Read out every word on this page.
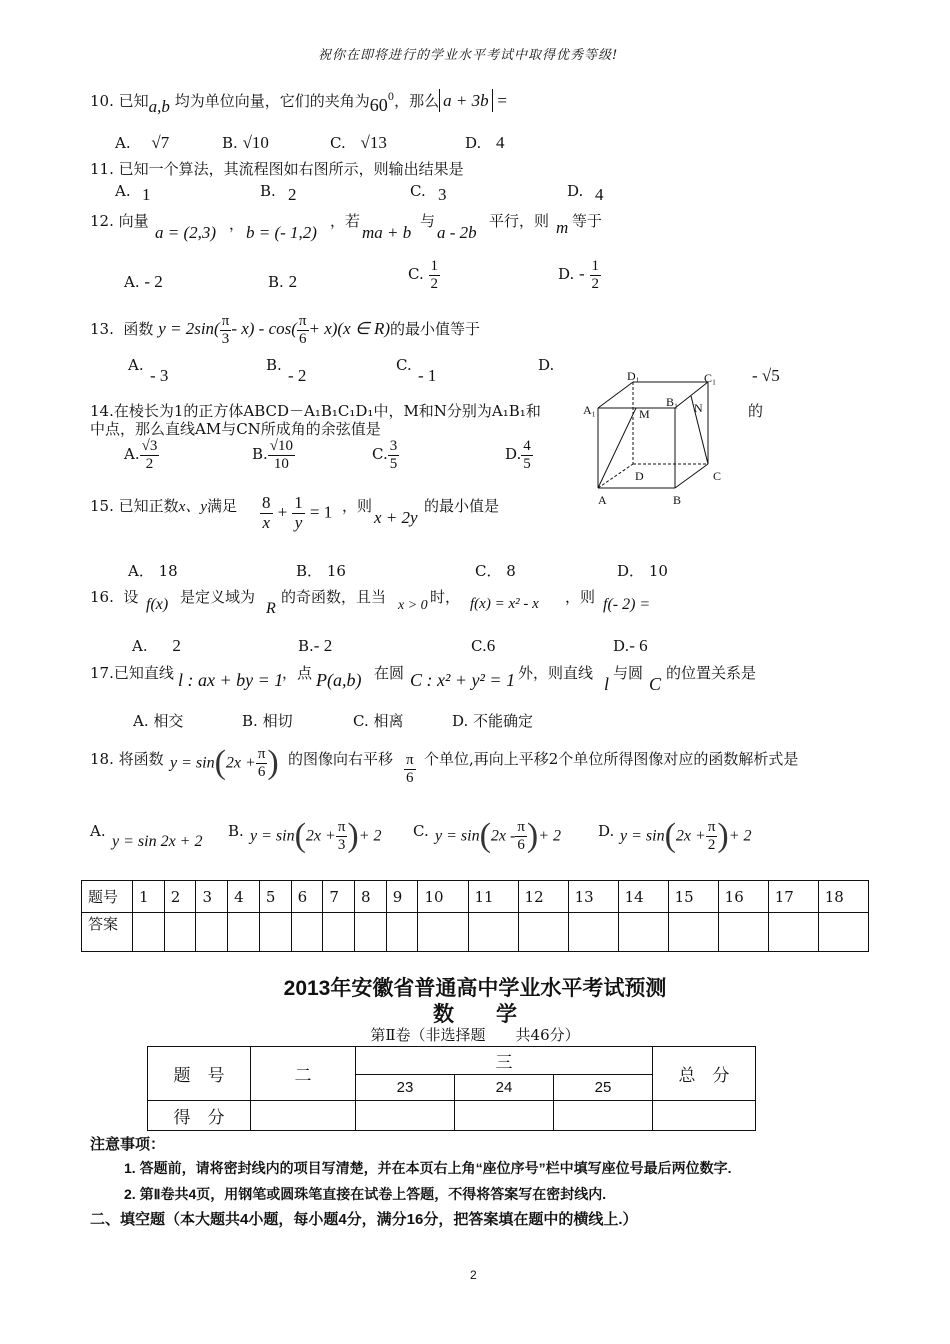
祝你在即将进行的学业水平考试中取得优秀等级!
10. 已知a,b 均为单位向量，它们的夹角为$60^0$，那么 a + 3b =
A. √7	B. √10	C. √13	D. 4
11. 已知一个算法，其流程图如右图所示，则输出结果是
A. 1	B. 2	C. 3	D. 4
12. 向量
a = (2,3) ， b = (- 1,2)
，若
ma + b
与
a - 2b
平行，则 m 等于
A. - 2	B. 2	C. $\frac{1}{2}$	D. - $\frac{1}{2}$
13. 函数 $y = 2\sin( \frac{\pi}{3} - x) - \cos( \frac{\pi}{6} + x)(x$ ∈ R)的最小值等于
A.
- 3
B.
- 2
C.
- 1
D.
- √5
14.在棱长为1的正方体ABCD－A₁B₁C₁D₁中，M和N分别为A₁B₁和	的
中点，那么直线AM与CN所成角的余弦值是
A. $\frac{√3}{2}$	B. $\frac{√10}{10}$	C. $\frac{3}{5}$	D. $\frac{4}{5}$
D₁	C₁
A₁
B₁
M	N
D	C
A	B
15. 已知正数x、y满足 $\frac{8}{x} + \frac{1}{y} = 1$ ，则
x + 2y
的最小值是
A． 18	B． 16	C． 8	D． 10
16. 设 f(x) 是定义域为
R
的奇函数，且当 x > 0 时， f(x) = x² - x ，则 f(- 2) =
A. 2	B.- 2	C.6	D.- 6
17.已知直线 l : ax + by = 1
，点 P(a,b) 在圆 C : x² + y² = 1 外，则直线
l
与圆
C
的位置关系是
A. 相交	B. 相切	C. 相离	D. 不能确定
18. 将函数 $y = \sin(2x + \frac{\pi}{6}$ ) 的图像向右平移 $\frac{\pi}{6}$ 个单位,再向上平移2个单位所得图像对应的函数解析式是
A.
y = sin 2x + 2
B. $y = \sin(2x + \frac{\pi}{3}$ )+ 2 C. $y = \sin(2x - \frac{\pi}{6}$ )+ 2 D. $y = \sin(2x + \frac{\pi}{2}$ )+ 2
题号	1	2	3	4	5	6	7	8	9	10	11	12	13	14	15	16	17	18
答案																		
2013年安徽省普通高中学业水平考试预测
数　　学
第Ⅱ卷（非选择题　　共46分）
题　号	二	三			总　分
		23	24	25	
得　分					
注意事项：
1. 答题前，请将密封线内的项目写清楚，并在本页右上角“座位序号”栏中填写座位号最后两位数字.
2. 第Ⅱ卷共4页，用钢笔或圆珠笔直接在试卷上答题，不得将答案写在密封线内.
二、填空题（本大题共4小题，每小题4分，满分16分，把答案填在题中的横线上.）
2
